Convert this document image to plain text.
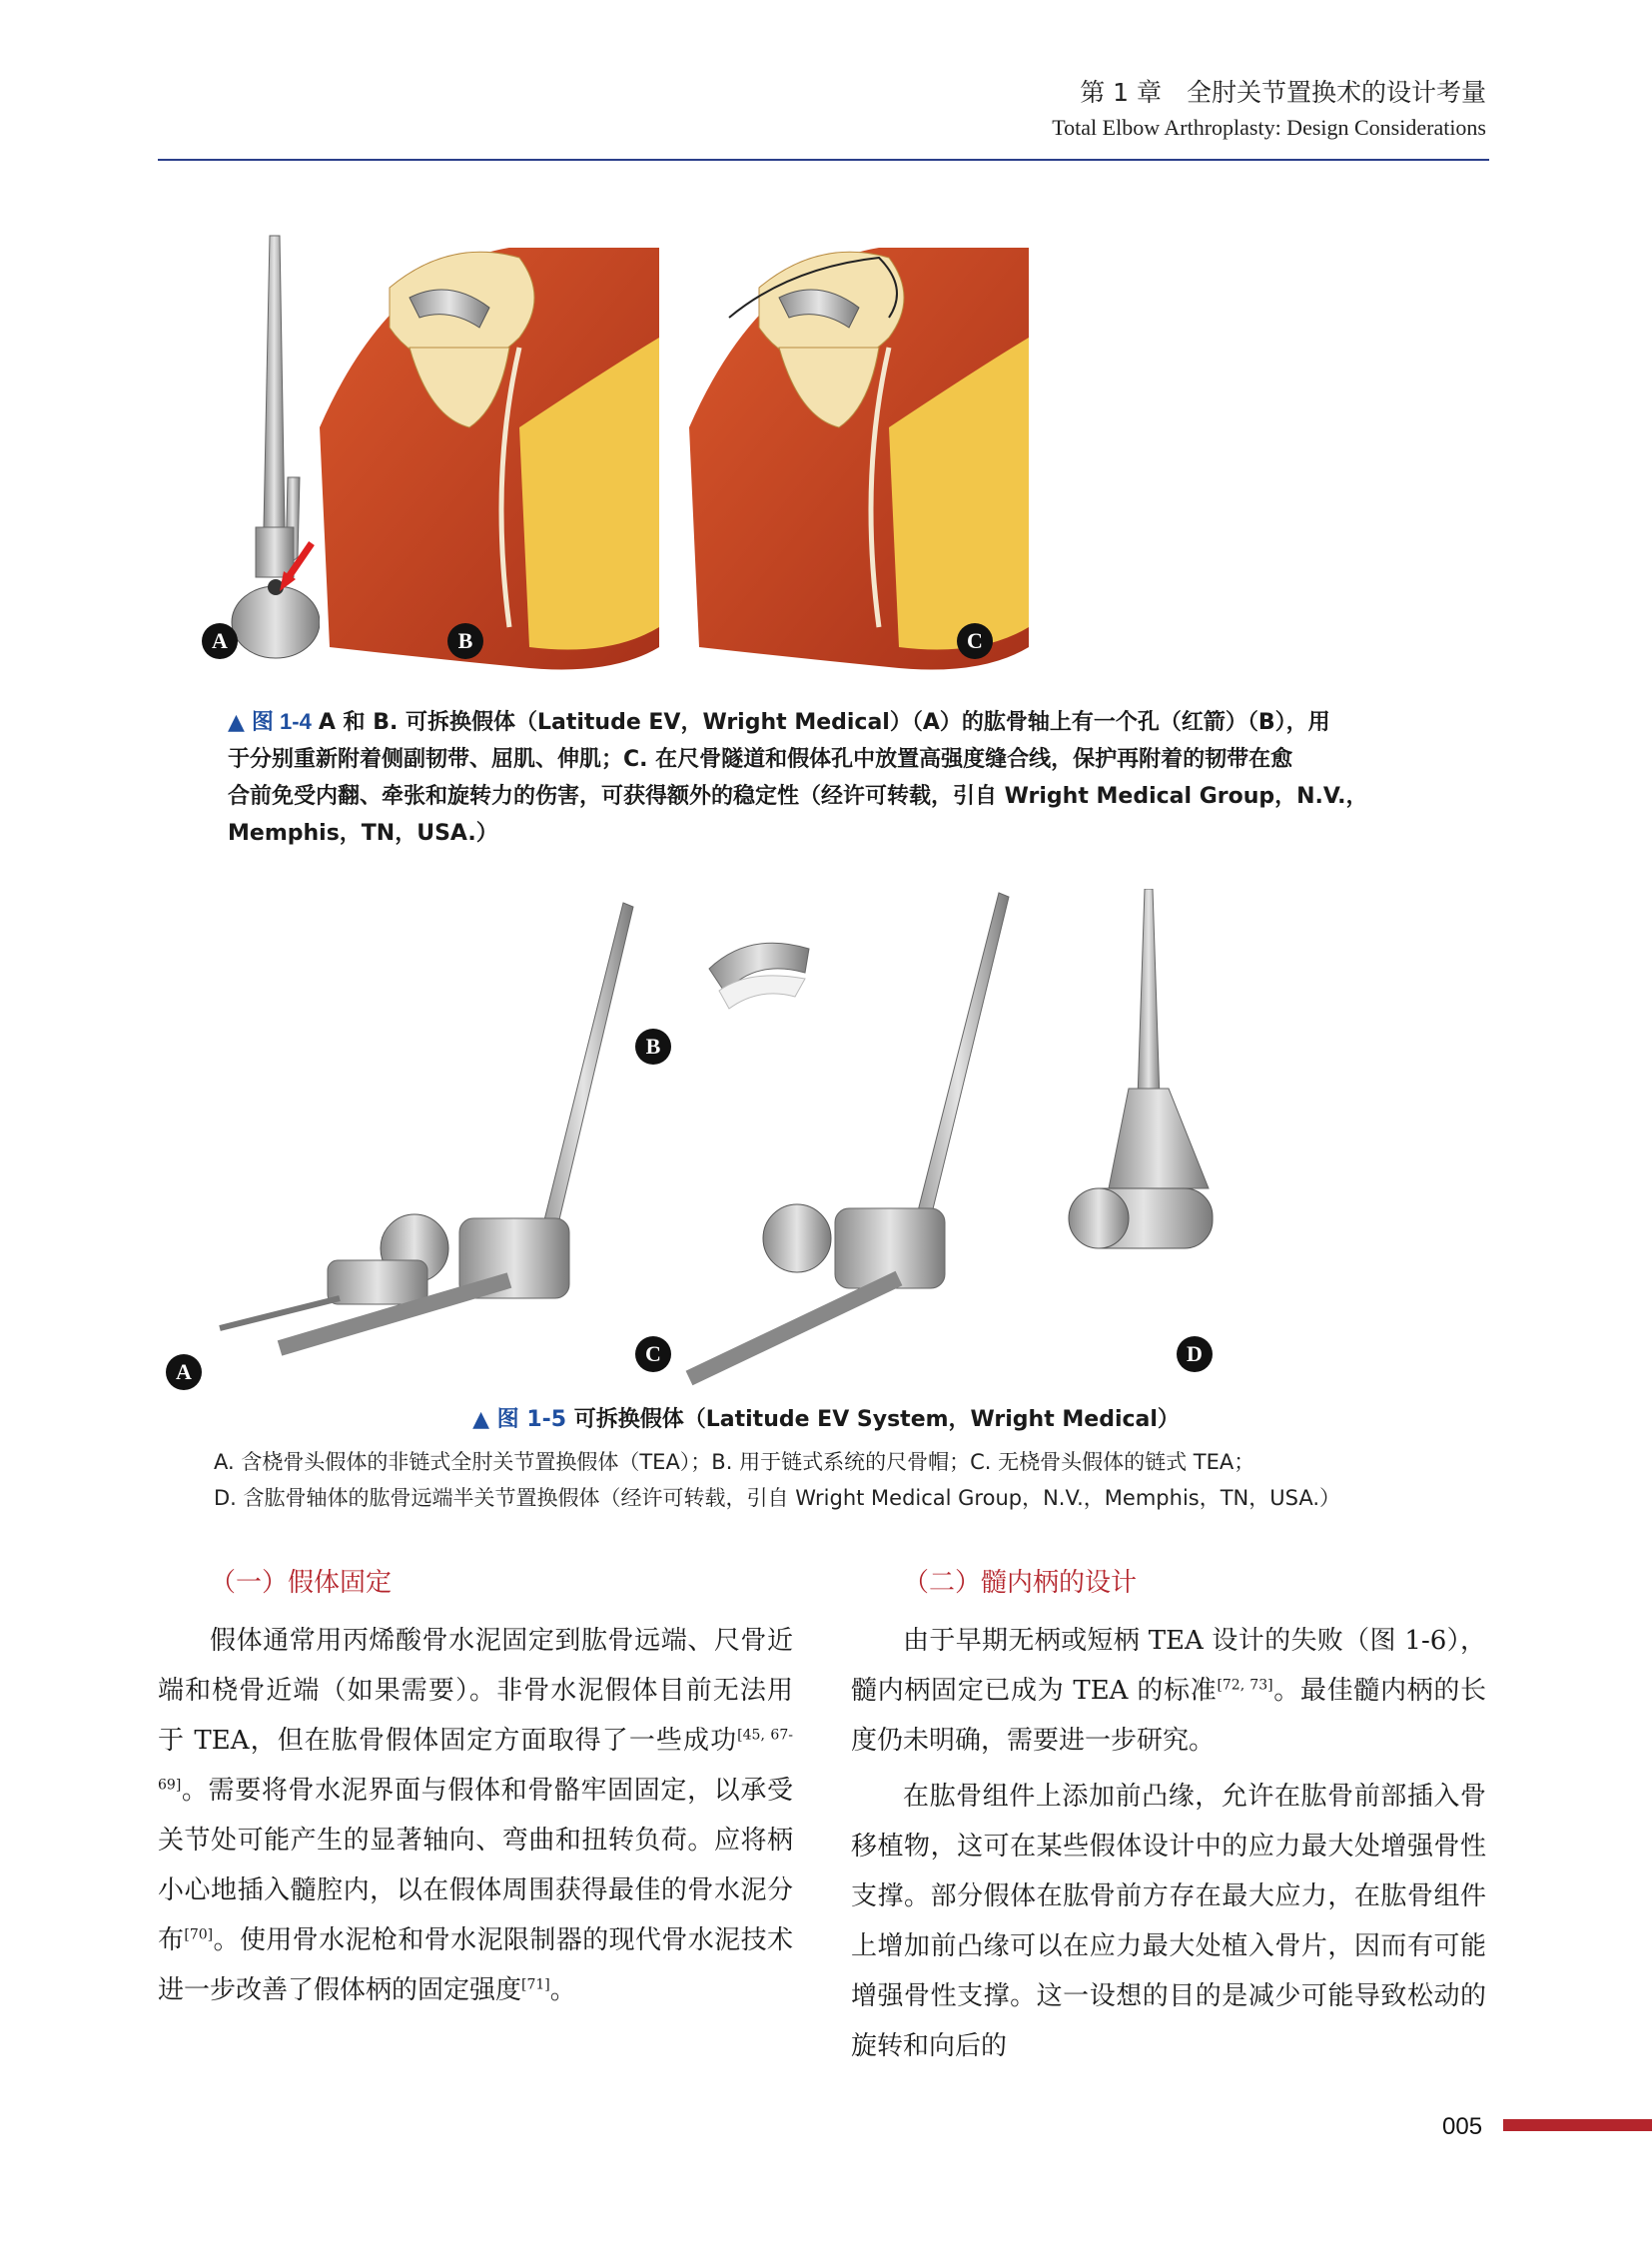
第 1 章　全肘关节置换术的设计考量
Total Elbow Arthroplasty: Design Considerations
A	B	C
▲ 图 1-4 A 和 B. 可拆换假体（Latitude EV，Wright Medical）（A）的肱骨轴上有一个孔（红箭）（B），用
于分别重新附着侧副韧带、屈肌、伸肌；C. 在尺骨隧道和假体孔中放置高强度缝合线，保护再附着的韧带在愈
合前免受内翻、牵张和旋转力的伤害，可获得额外的稳定性（经许可转载，引自 Wright Medical Group，N.V.，
Memphis，TN，USA.）
A
B
C	D
▲ 图 1-5 可拆换假体（Latitude EV System，Wright Medical）
A. 含桡骨头假体的非链式全肘关节置换假体（TEA）；B. 用于链式系统的尺骨帽；C. 无桡骨头假体的链式 TEA；
D. 含肱骨轴体的肱骨远端半关节置换假体（经许可转载，引自 Wright Medical Group，N.V.，Memphis，TN，USA.）
（一）假体固定

假体通常用丙烯酸骨水泥固定到肱骨远端、尺骨近端和桡骨近端（如果需要）。非骨水泥假体目前无法用于 TEA，但在肱骨假体固定方面取得了一些成功[45, 67-69]。需要将骨水泥界面与假体和骨骼牢固固定，以承受关节处可能产生的显著轴向、弯曲和扭转负荷。应将柄小心地插入髓腔内，以在假体周围获得最佳的骨水泥分布[70]。使用骨水泥枪和骨水泥限制器的现代骨水泥技术进一步改善了假体柄的固定强度[71]。

（二）髓内柄的设计

由于早期无柄或短柄 TEA 设计的失败（图 1-6），髓内柄固定已成为 TEA 的标准[72, 73]。最佳髓内柄的长度仍未明确，需要进一步研究。

在肱骨组件上添加前凸缘，允许在肱骨前部插入骨移植物，这可在某些假体设计中的应力最大处增强骨性支撑。部分假体在肱骨前方存在最大应力，在肱骨组件上增加前凸缘可以在应力最大处植入骨片，因而有可能增强骨性支撑。这一设想的目的是减少可能导致松动的旋转和向后的

005
